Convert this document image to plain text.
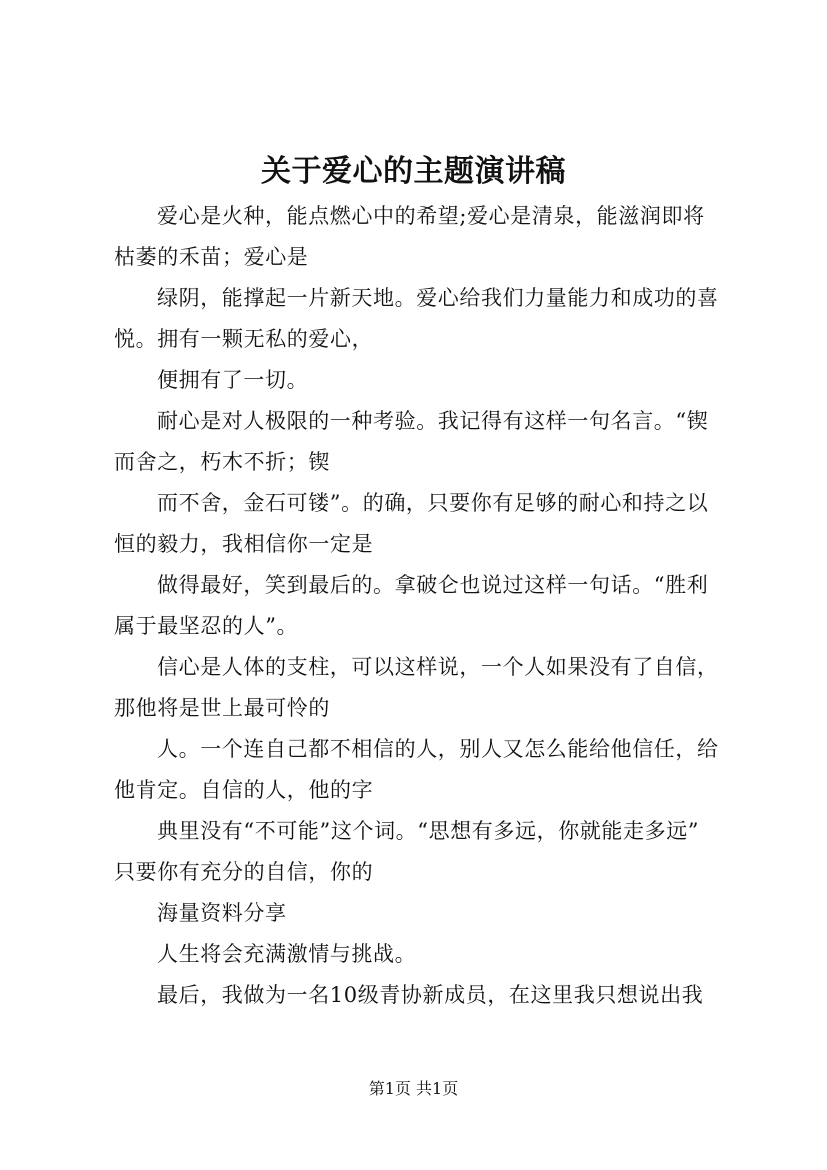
关于爱心的主题演讲稿
爱心是火种，能点燃心中的希望;爱心是清泉，能滋润即将
枯萎的禾苗；爱心是
绿阴，能撑起一片新天地。爱心给我们力量能力和成功的喜
悦。拥有一颗无私的爱心，
便拥有了一切。
耐心是对人极限的一种考验。我记得有这样一句名言。“锲
而舍之，朽木不折；锲
而不舍，金石可镂”。的确，只要你有足够的耐心和持之以
恒的毅力，我相信你一定是
做得最好，笑到最后的。拿破仑也说过这样一句话。“胜利
属于最坚忍的人”。
信心是人体的支柱，可以这样说，一个人如果没有了自信，
那他将是世上最可怜的
人。一个连自己都不相信的人，别人又怎么能给他信任，给
他肯定。自信的人，他的字
典里没有“不可能”这个词。“思想有多远，你就能走多远”
只要你有充分的自信，你的
海量资料分享
人生将会充满激情与挑战。
最后，我做为一名10级青协新成员，在这里我只想说出我
第1页 共1页
